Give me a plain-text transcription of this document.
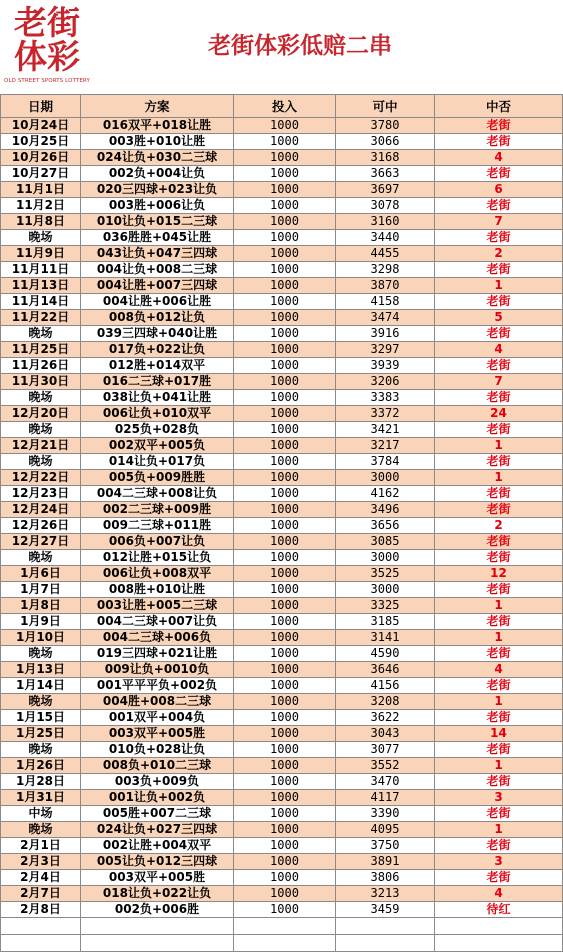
老街
体彩
OLD STREET SPORTS LOTTERY
老街体彩低赔二串
日期	方案	投入	可中	中否
10月24日	016双平+018让胜	1000	3780	老街
10月25日	003胜+010让胜	1000	3066	老街
10月26日	024让负+030二三球	1000	3168	4
10月27日	002负+004让负	1000	3663	老街
11月1日	020三四球+023让负	1000	3697	6
11月2日	003胜+006让负	1000	3078	老街
11月8日	010让负+015二三球	1000	3160	7
晚场	036胜胜+045让胜	1000	3440	老街
11月9日	043让负+047三四球	1000	4455	2
11月11日	004让负+008二三球	1000	3298	老街
11月13日	004让胜+007三四球	1000	3870	1
11月14日	004让胜+006让胜	1000	4158	老街
11月22日	008负+012让负	1000	3474	5
晚场	039三四球+040让胜	1000	3916	老街
11月25日	017负+022让负	1000	3297	4
11月26日	012胜+014双平	1000	3939	老街
11月30日	016二三球+017胜	1000	3206	7
晚场	038让负+041让胜	1000	3383	老街
12月20日	006让负+010双平	1000	3372	24
晚场	025负+028负	1000	3421	老街
12月21日	002双平+005负	1000	3217	1
晚场	014让负+017负	1000	3784	老街
12月22日	005负+009胜胜	1000	3000	1
12月23日	004二三球+008让负	1000	4162	老街
12月24日	002二三球+009胜	1000	3496	老街
12月26日	009二三球+011胜	1000	3656	2
12月27日	006负+007让负	1000	3085	老街
晚场	012让胜+015让负	1000	3000	老街
1月6日	006让负+008双平	1000	3525	12
1月7日	008胜+010让胜	1000	3000	老街
1月8日	003让胜+005二三球	1000	3325	1
1月9日	004二三球+007让负	1000	3185	老街
1月10日	004二三球+006负	1000	3141	1
晚场	019三四球+021让胜	1000	4590	老街
1月13日	009让负+0010负	1000	3646	4
1月14日	001平平平负+002负	1000	4156	老街
晚场	004胜+008二三球	1000	3208	1
1月15日	001双平+004负	1000	3622	老街
1月25日	003双平+005胜	1000	3043	14
晚场	010负+028让负	1000	3077	老街
1月26日	008负+010二三球	1000	3552	1
1月28日	003负+009负	1000	3470	老街
1月31日	001让负+002负	1000	4117	3
中场	005胜+007二三球	1000	3390	老街
晚场	024让负+027三四球	1000	4095	1
2月1日	002让胜+004双平	1000	3750	老街
2月3日	005让负+012三四球	1000	3891	3
2月4日	003双平+005胜	1000	3806	老街
2月7日	018让负+022让负	1000	3213	4
2月8日	002负+006胜	1000	3459	待红
